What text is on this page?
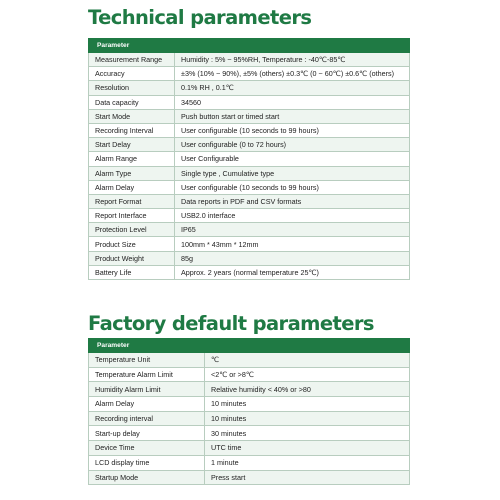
Technical parameters
Parameter	
Measurement Range	Humidity : 5% ~ 95%RH, Temperature : -40℃-85℃
Accuracy	±3% (10% ~ 90%), ±5% (others) ±0.3℃ (0 ~ 60℃) ±0.6℃ (others)
Resolution	0.1% RH , 0.1℃
Data capacity	34560
Start Mode	Push button start or timed start
Recording Interval	User configurable (10 seconds to 99 hours)
Start Delay	User configurable (0 to 72 hours)
Alarm Range	User Configurable
Alarm Type	Single type , Cumulative type
Alarm Delay	User configurable (10 seconds to 99 hours)
Report Format	Data reports in PDF and CSV formats
Report Interface	USB2.0 interface
Protection Level	IP65
Product Size	100mm * 43mm * 12mm
Product Weight	85g
Battery Life	Approx. 2 years (normal temperature 25℃)
Factory default parameters
Parameter	
Temperature Unit	℃
Temperature Alarm Limit	<2℃ or >8℃
Humidity Alarm Limit	Relative humidity < 40% or >80
Alarm Delay	10 minutes
Recording interval	10 minutes
Start-up delay	30 minutes
Device Time	UTC time
LCD display time	1 minute
Startup Mode	Press start
